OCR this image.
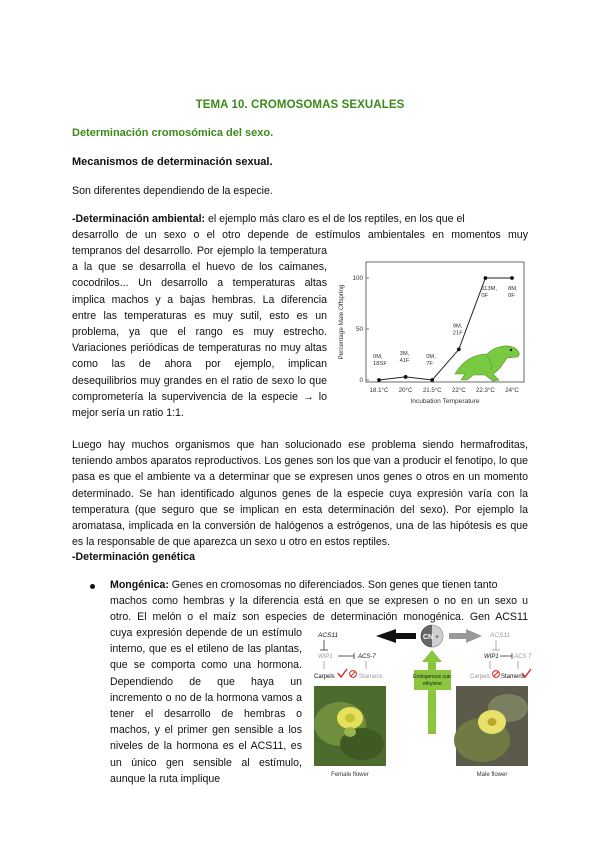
TEMA 10. CROMOSOMAS SEXUALES
Determinación cromosómica del sexo.
Mecanismos de determinación sexual.
Son diferentes dependiendo de la especie.
-Determinación ambiental: el ejemplo más claro es el de los reptiles, en los que el
desarrollo de un sexo o el otro depende de estímulos ambientales en momentos muy
tempranos del desarrollo. Por ejemplo la temperatura a la que se desarrolla el huevo de los caimanes, cocodrilos... Un desarrollo a temperaturas altas implica machos y a bajas hembras. La diferencia entre las temperaturas es muy sutil, esto es un problema, ya que el rango es muy estrecho. Variaciones periódicas de temperaturas no muy altas como las de ahora por ejemplo, implican desequilibrios muy grandes en el ratio de sexo lo que comprometería la supervivencia de la especie → lo mejor sería un ratio 1:1.
0
50
100
18.1°C 20°C 21.5°C 22°C 22.3°C 24°C
0M,
18SF
3M,
41F
0M,
7F
9M,
21F
113M,
0F
8M,
0F
Percentage Male Offspring
Incubation Temperature
Luego hay muchos organismos que han solucionado ese problema siendo hermafroditas, teniendo ambos aparatos reproductivos. Los genes son los que van a producir el fenotipo, lo que pasa es que el ambiente va a determinar que se expresen unos genes o otros en un momento determinado. Se han identificado algunos genes de la especie cuya expresión varía con la temperatura (que seguro que se implican en esta determinación del sexo). Por ejemplo la aromatasa, implicada en la conversión de halógenos a estrógenos, una de las hipótesis es que es la responsable de que aparezca un sexo u otro en estos reptiles.
-Determinación genética
Mongénica: Genes en cromosomas no diferenciados. Son genes que tienen tanto
machos como hembras y la diferencia está en que se expresen o no en un sexo u
otro. El melón o el maíz son especies de determinación monogénica. Gen ACS11
cuya expresión depende de un estímulo interno, que es el etileno de las plantas, que se comporta como una hormona. Dependiendo de que haya un incremento o no de la hormona vamos a tener el desarrollo de hembras o machos, y el primer gen sensible a los niveles de la hormona es el ACS11, es un único gen sensible al estímulo, aunque la ruta implique
ACS11
WIP1	ACS-7
Carpels	Stamens
CN +	ACS11
WIP1	ACS 7
Carpels Stamens
Endogenous cue:
ethylene
Endogenous cue: ethylene
Female flower	Male flower
